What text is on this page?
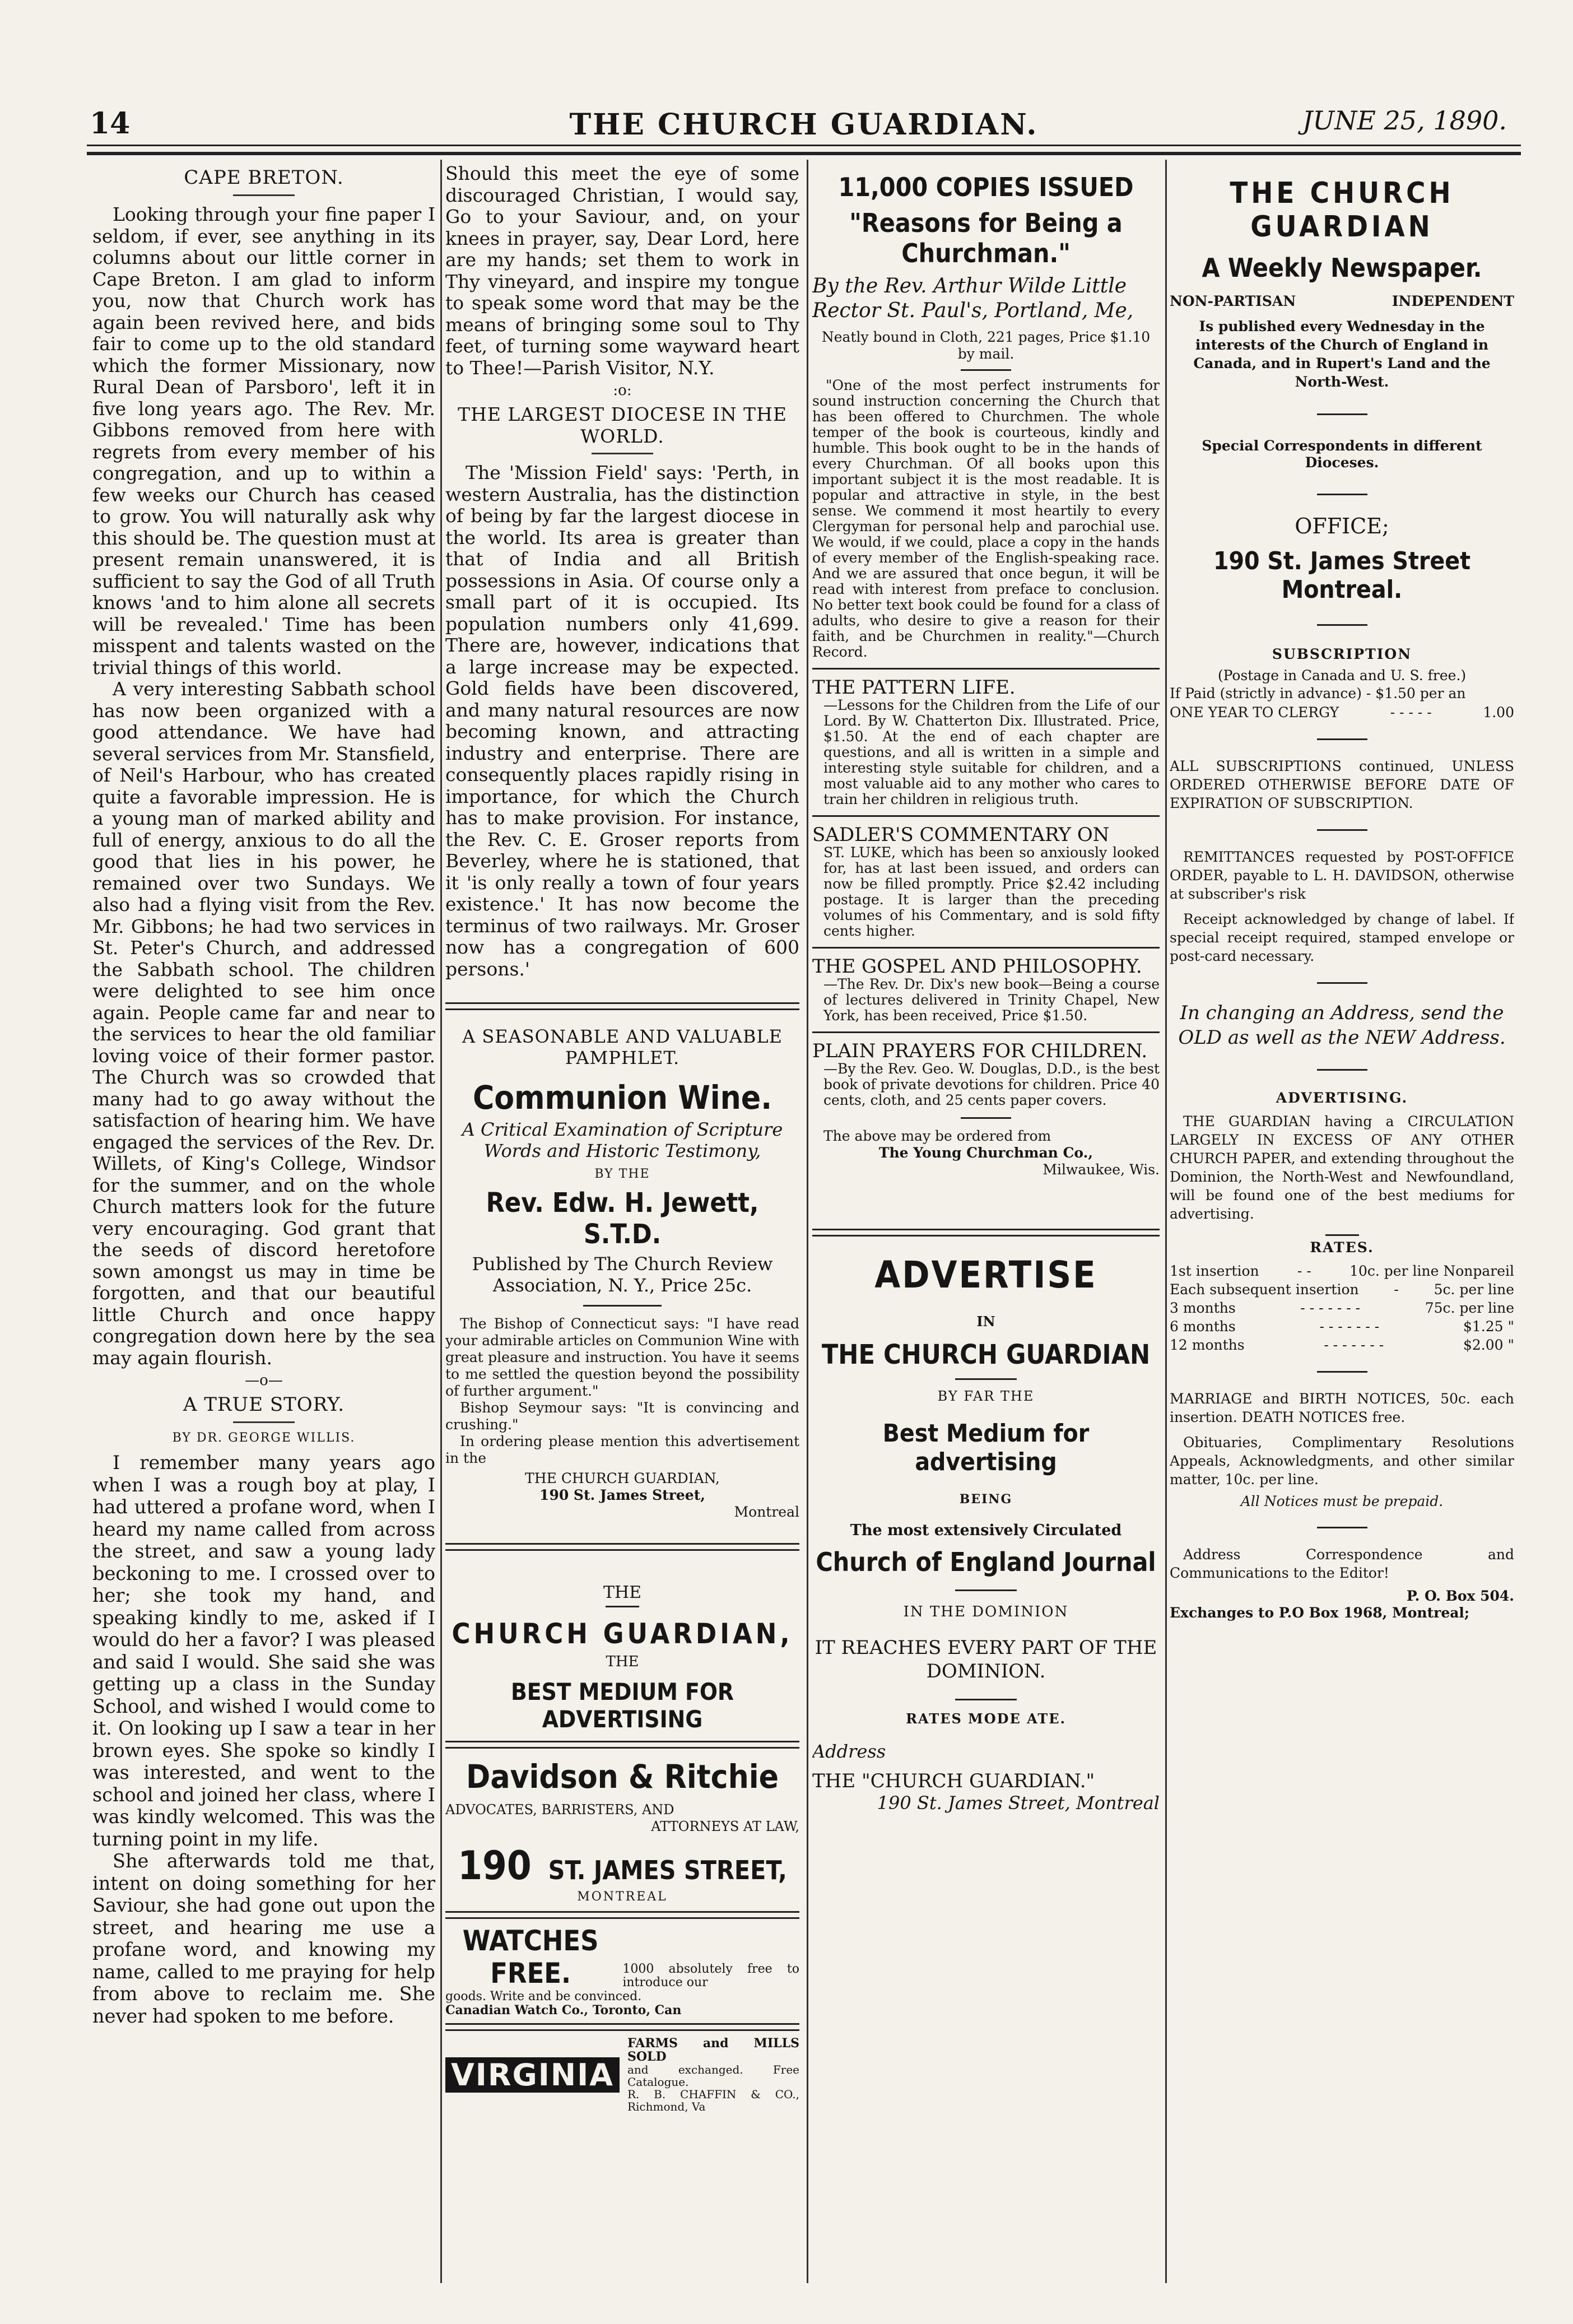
14	THE CHURCH GUARDIAN.	JUNE 25, 1890.
CAPE BRETON.

Looking through your fine paper I seldom, if ever, see anything in its columns about our little corner in Cape Breton. I am glad to inform you, now that Church work has again been revived here, and bids fair to come up to the old standard which the former Missionary, now Rural Dean of Parsboro', left it in five long years ago. The Rev. Mr. Gibbons removed from here with regrets from every member of his congregation, and up to within a few weeks our Church has ceased to grow. You will naturally ask why this should be. The question must at present remain unanswered, it is sufficient to say the God of all Truth knows 'and to him alone all secrets will be revealed.' Time has been misspent and talents wasted on the trivial things of this world.

A very interesting Sabbath school has now been organized with a good attendance. We have had several services from Mr. Stansfield, of Neil's Harbour, who has created quite a favorable impression. He is a young man of marked ability and full of energy, anxious to do all the good that lies in his power, he remained over two Sundays. We also had a flying visit from the Rev. Mr. Gibbons; he had two services in St. Peter's Church, and addressed the Sabbath school. The children were delighted to see him once again. People came far and near to the services to hear the old familiar loving voice of their former pastor. The Church was so crowded that many had to go away without the satisfaction of hearing him. We have engaged the services of the Rev. Dr. Willets, of King's College, Windsor for the summer, and on the whole Church matters look for the future very encouraging. God grant that the seeds of discord heretofore sown amongst us may in time be forgotten, and that our beautiful little Church and once happy congregation down here by the sea may again flourish.

—o—
A TRUE STORY.
BY DR. GEORGE WILLIS.

I remember many years ago when I was a rough boy at play, I had uttered a profane word, when I heard my name called from across the street, and saw a young lady beckoning to me. I crossed over to her; she took my hand, and speaking kindly to me, asked if I would do her a favor? I was pleased and said I would. She said she was getting up a class in the Sunday School, and wished I would come to it. On looking up I saw a tear in her brown eyes. She spoke so kindly I was interested, and went to the school and joined her class, where I was kindly welcomed. This was the turning point in my life.

She afterwards told me that, intent on doing something for her Saviour, she had gone out upon the street, and hearing me use a profane word, and knowing my name, called to me praying for help from above to reclaim me. She never had spoken to me before.

Should this meet the eye of some discouraged Christian, I would say, Go to your Saviour, and, on your knees in prayer, say, Dear Lord, here are my hands; set them to work in Thy vineyard, and inspire my tongue to speak some word that may be the means of bringing some soul to Thy feet, of turning some wayward heart to Thee!—Parish Visitor, N.Y.

:o:
THE LARGEST DIOCESE IN THE WORLD.

The 'Mission Field' says: 'Perth, in western Australia, has the distinction of being by far the largest diocese in the world. Its area is greater than that of India and all British possessions in Asia. Of course only a small part of it is occupied. Its population numbers only 41,699. There are, however, indications that a large increase may be expected. Gold fields have been discovered, and many natural resources are now becoming known, and attracting industry and enterprise. There are consequently places rapidly rising in importance, for which the Church has to make provision. For instance, the Rev. C. E. Groser reports from Beverley, where he is stationed, that it 'is only really a town of four years existence.' It has now become the terminus of two railways. Mr. Groser now has a congregation of 600 persons.'

A SEASONABLE AND VALUABLE PAMPHLET.
Communion Wine.
A Critical Examination of Scripture Words and Historic Testimony,
BY THE
Rev. Edw. H. Jewett, S.T.D.

Published by The Church Review Association, N. Y., Price 25c.

The Bishop of Connecticut says: "I have read your admirable articles on Communion Wine with great pleasure and instruction. You have it seems to me settled the question beyond the possibility of further argument."

Bishop Seymour says: "It is convincing and crushing."

In ordering please mention this advertisement in the

THE CHURCH GUARDIAN,
190 St. James Street,
Montreal
THE
CHURCH GUARDIAN,
THE
BEST MEDIUM FOR ADVERTISING
Davidson & Ritchie
ADVOCATES, BARRISTERS, AND
ATTORNEYS AT LAW,
190 ST. JAMES STREET,
MONTREAL
WATCHES FREE.	1000 absolutely free to introduce our
goods. Write and be convinced.
Canadian Watch Co., Toronto, Can
VIRGINIA
FARMS and MILLS SOLD
and exchanged. Free Catalogue.
R. B. CHAFFIN & CO., Richmond, Va
11,000 COPIES ISSUED
"Reasons for Being a Churchman."
By the Rev. Arthur Wilde Little
Rector St. Paul's, Portland, Me,

Neatly bound in Cloth, 221 pages, Price $1.10 by mail.

"One of the most perfect instruments for sound instruction concerning the Church that has been offered to Churchmen. The whole temper of the book is courteous, kindly and humble. This book ought to be in the hands of every Churchman. Of all books upon this important subject it is the most readable. It is popular and attractive in style, in the best sense. We commend it most heartily to every Clergyman for personal help and parochial use. We would, if we could, place a copy in the hands of every member of the English-speaking race. And we are assured that once begun, it will be read with interest from preface to conclusion. No better text book could be found for a class of adults, who desire to give a reason for their faith, and be Churchmen in reality."—Church Record.

THE PATTERN LIFE.

—Lessons for the Children from the Life of our Lord. By W. Chatterton Dix. Illustrated. Price, $1.50. At the end of each chapter are questions, and all is written in a simple and interesting style suitable for children, and a most valuable aid to any mother who cares to train her children in religious truth.

SADLER'S COMMENTARY ON

ST. LUKE, which has been so anxiously looked for, has at last been issued, and orders can now be filled promptly. Price $2.42 including postage. It is larger than the preceding volumes of his Commentary, and is sold fifty cents higher.

THE GOSPEL AND PHILOSOPHY.

—The Rev. Dr. Dix's new book—Being a course of lectures delivered in Trinity Chapel, New York, has been received, Price $1.50.

PLAIN PRAYERS FOR CHILDREN.

—By the Rev. Geo. W. Douglas, D.D., is the best book of private devotions for children. Price 40 cents, cloth, and 25 cents paper covers.

The above may be ordered from

The Young Churchman Co.,

Milwaukee, Wis.

ADVERTISE
IN
THE CHURCH GUARDIAN
BY FAR THE
Best Medium for advertising
BEING
The most extensively Circulated
Church of England Journal
IN THE DOMINION
IT REACHES EVERY PART OF THE DOMINION.
RATES MODE ATE.
Address
THE "CHURCH GUARDIAN."
190 St. James Street, Montreal
THE CHURCH GUARDIAN
A Weekly Newspaper.
NON-PARTISAN	INDEPENDENT

Is published every Wednesday in the interests of the Church of England in Canada, and in Rupert's Land and the North-West.

Special Correspondents in different Dioceses.

OFFICE;
190 St. James Street Montreal.
SUBSCRIPTION
(Postage in Canada and U. S. free.)
If Paid (strictly in advance) - $1.50 per an
ONE YEAR TO CLERGY	- - - - -	1.00

ALL SUBSCRIPTIONS continued, UNLESS ORDERED OTHERWISE BEFORE DATE OF EXPIRATION OF SUBSCRIPTION.

REMITTANCES requested by POST-OFFICE ORDER, payable to L. H. DAVIDSON, otherwise at subscriber's risk

Receipt acknowledged by change of label. If special receipt required, stamped envelope or post-card necessary.

In changing an Address, send the OLD as well as the NEW Address.

ADVERTISING.

THE GUARDIAN having a CIRCULATION LARGELY IN EXCESS OF ANY OTHER CHURCH PAPER, and extending throughout the Dominion, the North-West and Newfoundland, will be found one of the best mediums for advertising.

RATES.
1st insertion	- -	10c. per line Nonpareil
Each subsequent insertion	-	5c. per line
3 months	- - - - - - -	75c. per line
6 months	- - - - - - -	$1.25 "
12 months	- - - - - - -	$2.00 "

MARRIAGE and BIRTH NOTICES, 50c. each insertion. DEATH NOTICES free.

Obituaries, Complimentary Resolutions Appeals, Acknowledgments, and other similar matter, 10c. per line.

All Notices must be prepaid.

Address Correspondence and Communications to the Editor!

P. O. Box 504.

Exchanges to P.O Box 1968, Montreal;
